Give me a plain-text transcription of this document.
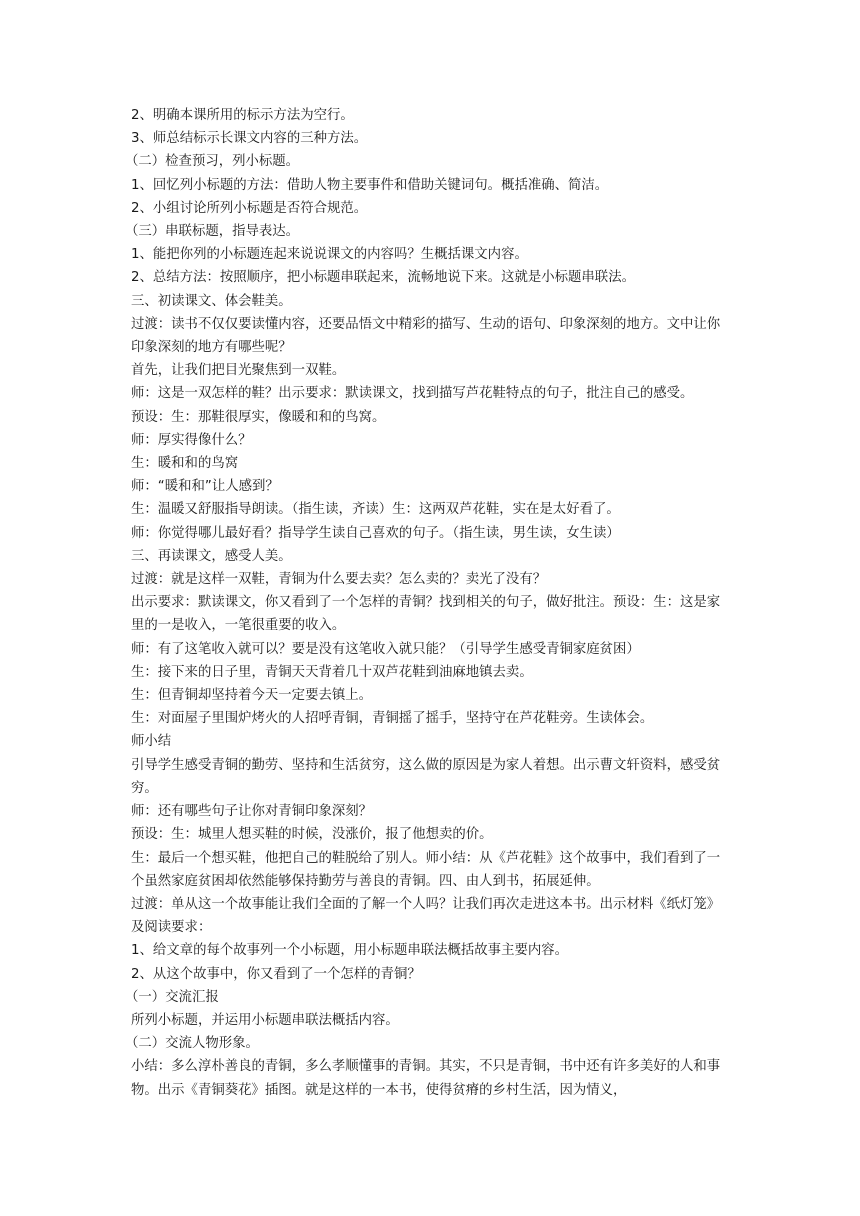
2、明确本课所用的标示方法为空行。

3、师总结标示长课文内容的三种方法。

（二）检查预习，列小标题。

1、回忆列小标题的方法：借助人物主要事件和借助关键词句。概括准确、简洁。

2、小组讨论所列小标题是否符合规范。

（三）串联标题，指导表达。

1、能把你列的小标题连起来说说课文的内容吗？生概括课文内容。

2、总结方法：按照顺序，把小标题串联起来，流畅地说下来。这就是小标题串联法。

三、初读课文、体会鞋美。

过渡：读书不仅仅要读懂内容，还要品悟文中精彩的描写、生动的语句、印象深刻的地方。文中让你印象深刻的地方有哪些呢？

首先，让我们把目光聚焦到一双鞋。

师：这是一双怎样的鞋？出示要求：默读课文，找到描写芦花鞋特点的句子，批注自己的感受。

预设：生：那鞋很厚实，像暖和和的鸟窝。

师：厚实得像什么？

生：暖和和的鸟窝

师：“暖和和”让人感到？

生：温暖又舒服指导朗读。（指生读，齐读）生：这两双芦花鞋，实在是太好看了。

师：你觉得哪儿最好看？指导学生读自己喜欢的句子。（指生读，男生读，女生读）

三、再读课文，感受人美。

过渡：就是这样一双鞋，青铜为什么要去卖？怎么卖的？卖光了没有？

出示要求：默读课文，你又看到了一个怎样的青铜？找到相关的句子，做好批注。预设：生：这是家里的一是收入，一笔很重要的收入。

师：有了这笔收入就可以？要是没有这笔收入就只能？（引导学生感受青铜家庭贫困）

生：接下来的日子里，青铜天天背着几十双芦花鞋到油麻地镇去卖。

生：但青铜却坚持着今天一定要去镇上。

生：对面屋子里围炉烤火的人招呼青铜，青铜摇了摇手，坚持守在芦花鞋旁。生读体会。

师小结

引导学生感受青铜的勤劳、坚持和生活贫穷，这么做的原因是为家人着想。出示曹文轩资料，感受贫穷。

师：还有哪些句子让你对青铜印象深刻？

预设：生：城里人想买鞋的时候，没涨价，报了他想卖的价。

生：最后一个想买鞋，他把自己的鞋脱给了别人。师小结：从《芦花鞋》这个故事中，我们看到了一个虽然家庭贫困却依然能够保持勤劳与善良的青铜。四、由人到书，拓展延伸。

过渡：单从这一个故事能让我们全面的了解一个人吗？让我们再次走进这本书。出示材料《纸灯笼》及阅读要求：

1、给文章的每个故事列一个小标题，用小标题串联法概括故事主要内容。

2、从这个故事中，你又看到了一个怎样的青铜？

（一）交流汇报

所列小标题，并运用小标题串联法概括内容。

（二）交流人物形象。

小结：多么淳朴善良的青铜，多么孝顺懂事的青铜。其实，不只是青铜，书中还有许多美好的人和事物。出示《青铜葵花》插图。就是这样的一本书，使得贫瘠的乡村生活，因为情义，
